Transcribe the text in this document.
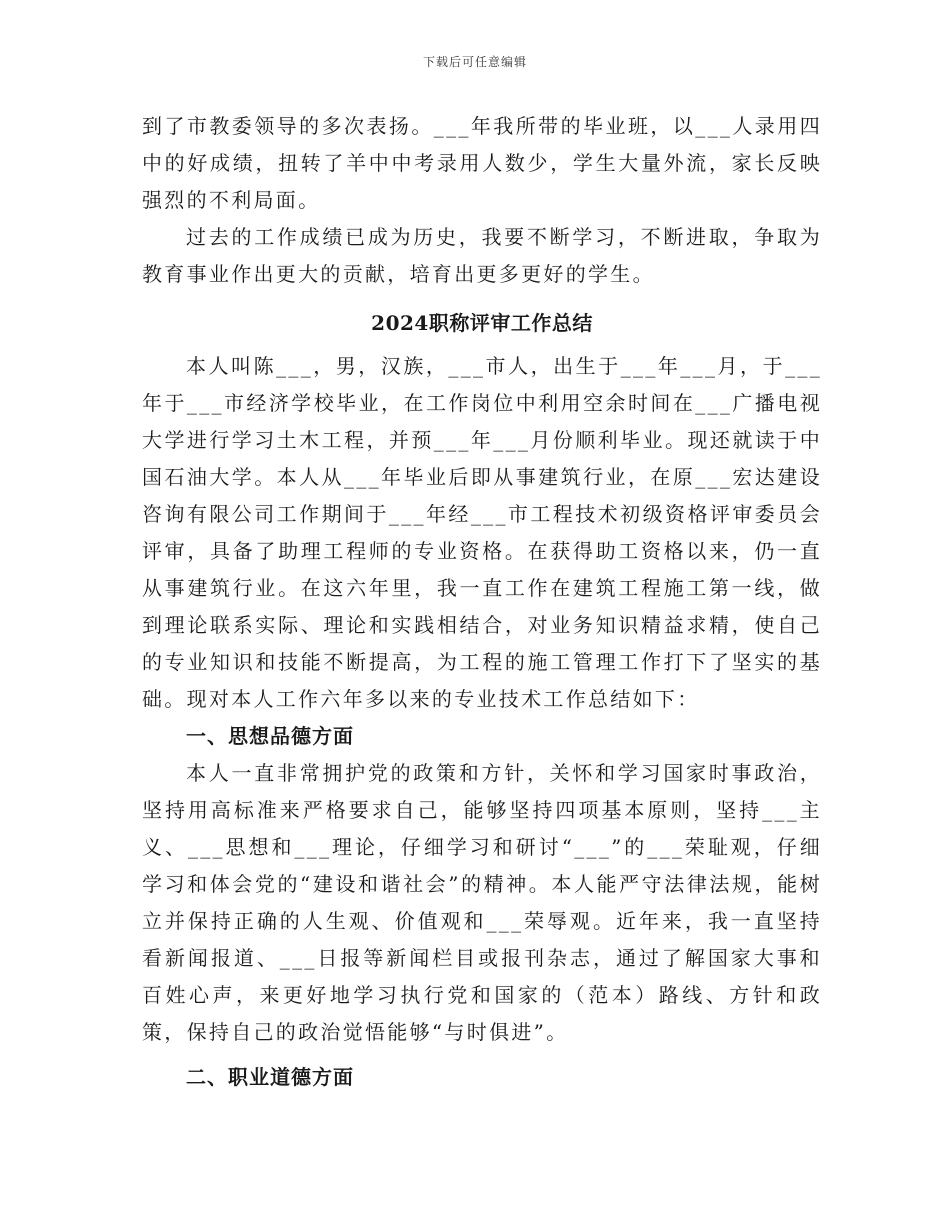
下载后可任意编辑

到了市教委领导的多次表扬。___年我所带的毕业班，以___人录用四中的好成绩，扭转了羊中中考录用人数少，学生大量外流，家长反映强烈的不利局面。

过去的工作成绩已成为历史，我要不断学习，不断进取，争取为教育事业作出更大的贡献，培育出更多更好的学生。

2024职称评审工作总结

本人叫陈___，男，汉族，___市人，出生于___年___月，于___年于___市经济学校毕业，在工作岗位中利用空余时间在___广播电视大学进行学习土木工程，并预___年___月份顺利毕业。现还就读于中国石油大学。本人从___年毕业后即从事建筑行业，在原___宏达建设咨询有限公司工作期间于___年经___市工程技术初级资格评审委员会评审，具备了助理工程师的专业资格。在获得助工资格以来，仍一直从事建筑行业。在这六年里，我一直工作在建筑工程施工第一线，做到理论联系实际、理论和实践相结合，对业务知识精益求精，使自己的专业知识和技能不断提高，为工程的施工管理工作打下了坚实的基础。现对本人工作六年多以来的专业技术工作总结如下：

一、思想品德方面

本人一直非常拥护党的政策和方针，关怀和学习国家时事政治，坚持用高标准来严格要求自己，能够坚持四项基本原则，坚持___主义、___思想和___理论，仔细学习和研讨“___”的___荣耻观，仔细学习和体会党的“建设和谐社会”的精神。本人能严守法律法规，能树立并保持正确的人生观、价值观和___荣辱观。近年来，我一直坚持看新闻报道、___日报等新闻栏目或报刊杂志，通过了解国家大事和百姓心声，来更好地学习执行党和国家的（范本）路线、方针和政策，保持自己的政治觉悟能够“与时俱进”。

二、职业道德方面
